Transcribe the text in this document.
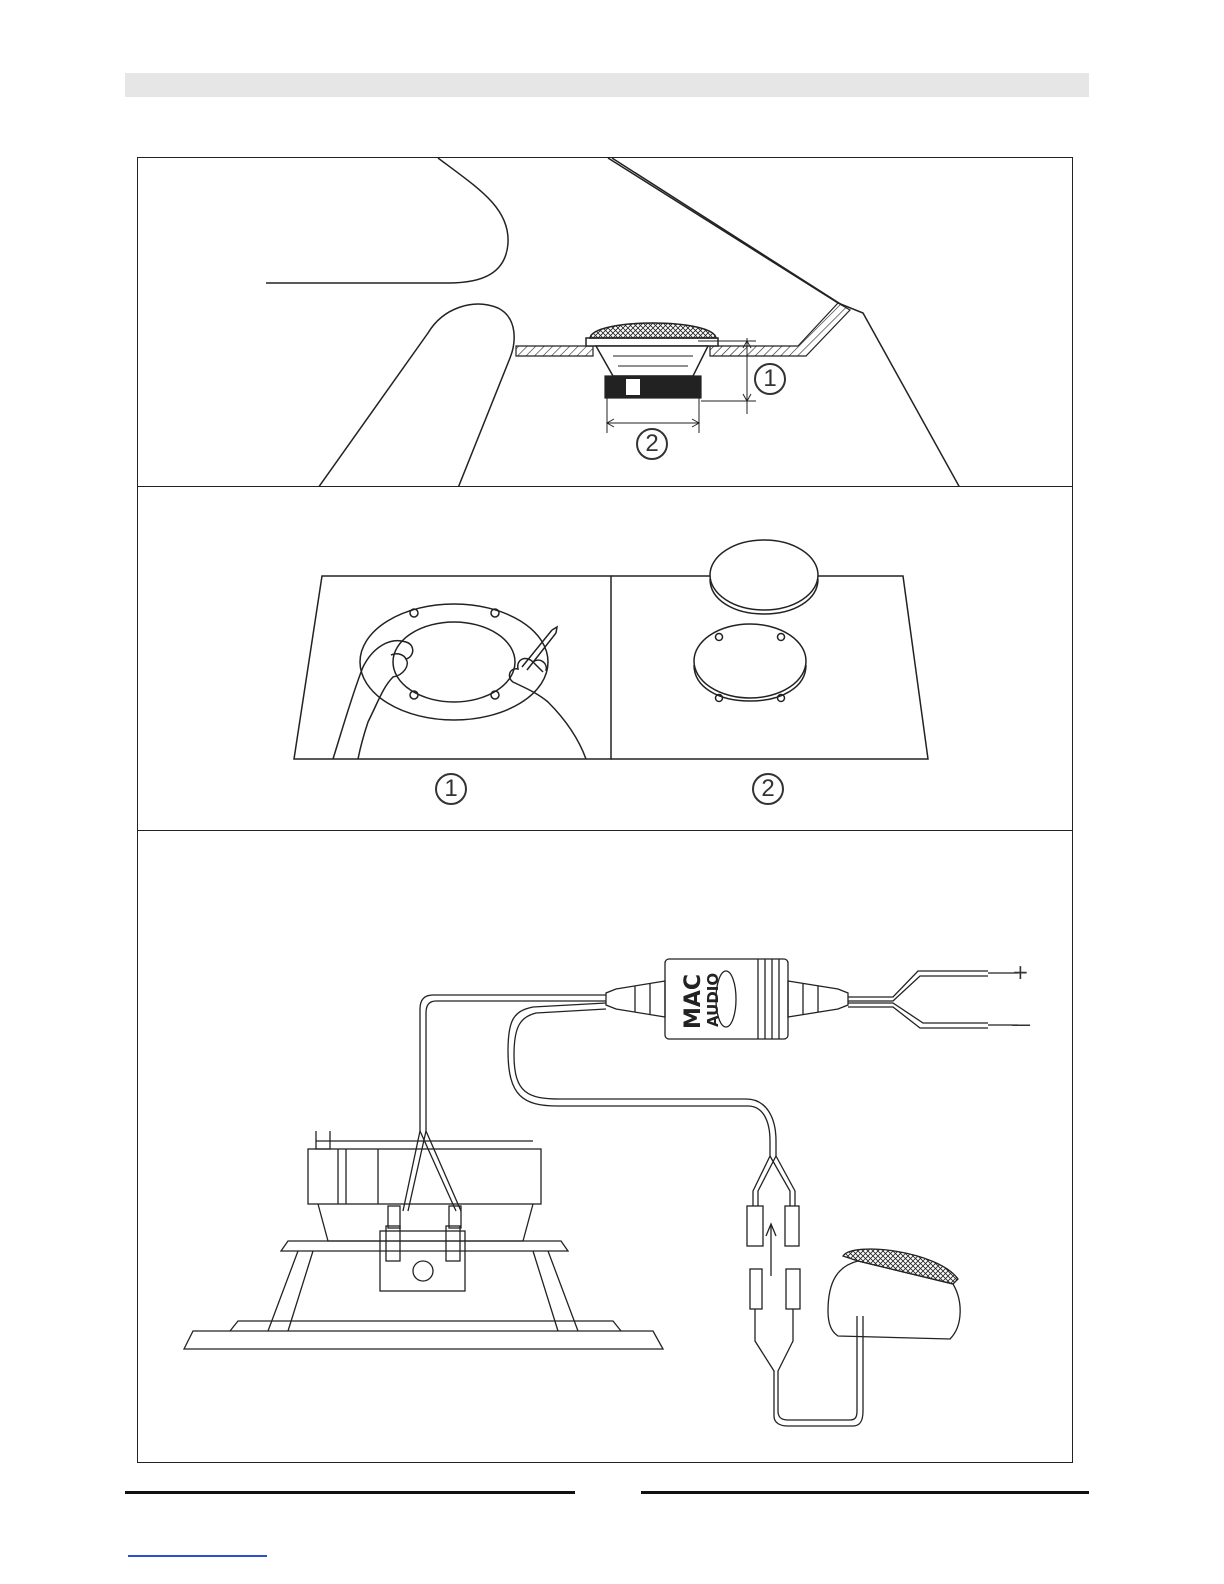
1
2
1	2
MAC
AUDIO
+
—
